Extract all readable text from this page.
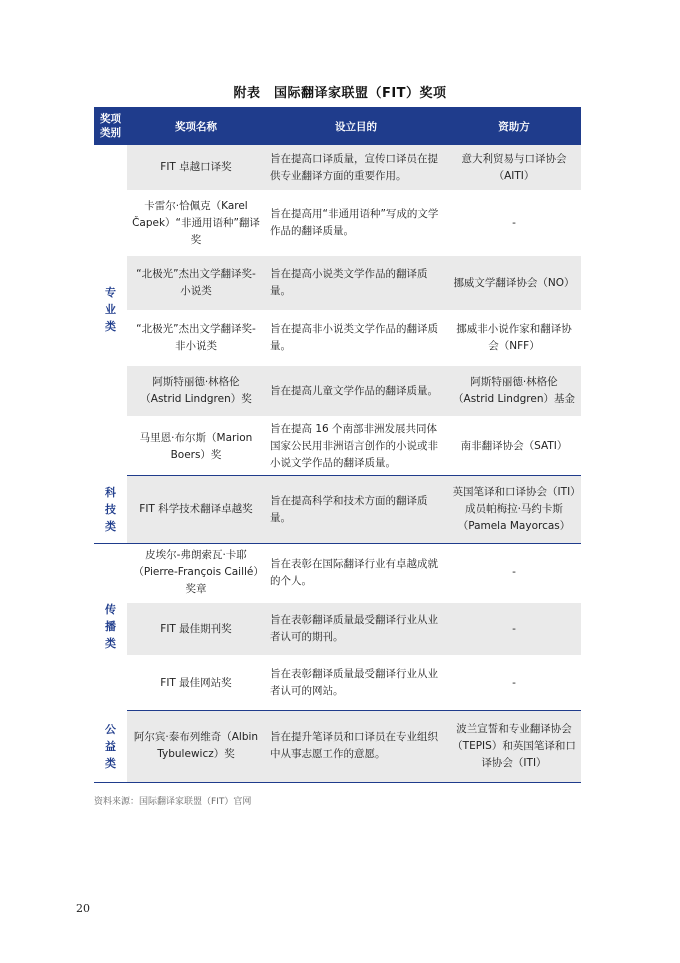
附表　国际翻译家联盟（FIT）奖项
奖项
类别	奖项名称	设立目的	资助方
专
业
类	FIT 卓越口译奖	旨在提高口译质量，宣传口译员在提供专业翻译方面的重要作用。	意大利贸易与口译协会（AITI）
	卡雷尔·恰佩克（Karel Čapek）“非通用语种”翻译奖	旨在提高用“非通用语种”写成的文学作品的翻译质量。	-
	“北极光”杰出文学翻译奖-小说类	旨在提高小说类文学作品的翻译质量。	挪威文学翻译协会（NO）
	“北极光”杰出文学翻译奖-非小说类	旨在提高非小说类文学作品的翻译质量。	挪威非小说作家和翻译协会（NFF）
	阿斯特丽德·林格伦（Astrid Lindgren）奖	旨在提高儿童文学作品的翻译质量。	阿斯特丽德·林格伦（Astrid Lindgren）基金
	马里恩·布尔斯（Marion Boers）奖	旨在提高 16 个南部非洲发展共同体国家公民用非洲语言创作的小说或非小说文学作品的翻译质量。	南非翻译协会（SATI）
科
技
类	FIT 科学技术翻译卓越奖	旨在提高科学和技术方面的翻译质量。	英国笔译和口译协会（ITI）成员帕梅拉·马约卡斯（Pamela Mayorcas）
传
播
类	皮埃尔-弗朗索瓦·卡耶（Pierre-François Caillé）奖章	旨在表彰在国际翻译行业有卓越成就的个人。	-
	FIT 最佳期刊奖	旨在表彰翻译质量最受翻译行业从业者认可的期刊。	-
	FIT 最佳网站奖	旨在表彰翻译质量最受翻译行业从业者认可的网站。	-
公
益
类	阿尔宾·泰布列维奇（Albin Tybulewicz）奖	旨在提升笔译员和口译员在专业组织中从事志愿工作的意愿。	波兰宣誓和专业翻译协会（TEPIS）和英国笔译和口译协会（ITI）
资料来源：国际翻译家联盟（FIT）官网
20
